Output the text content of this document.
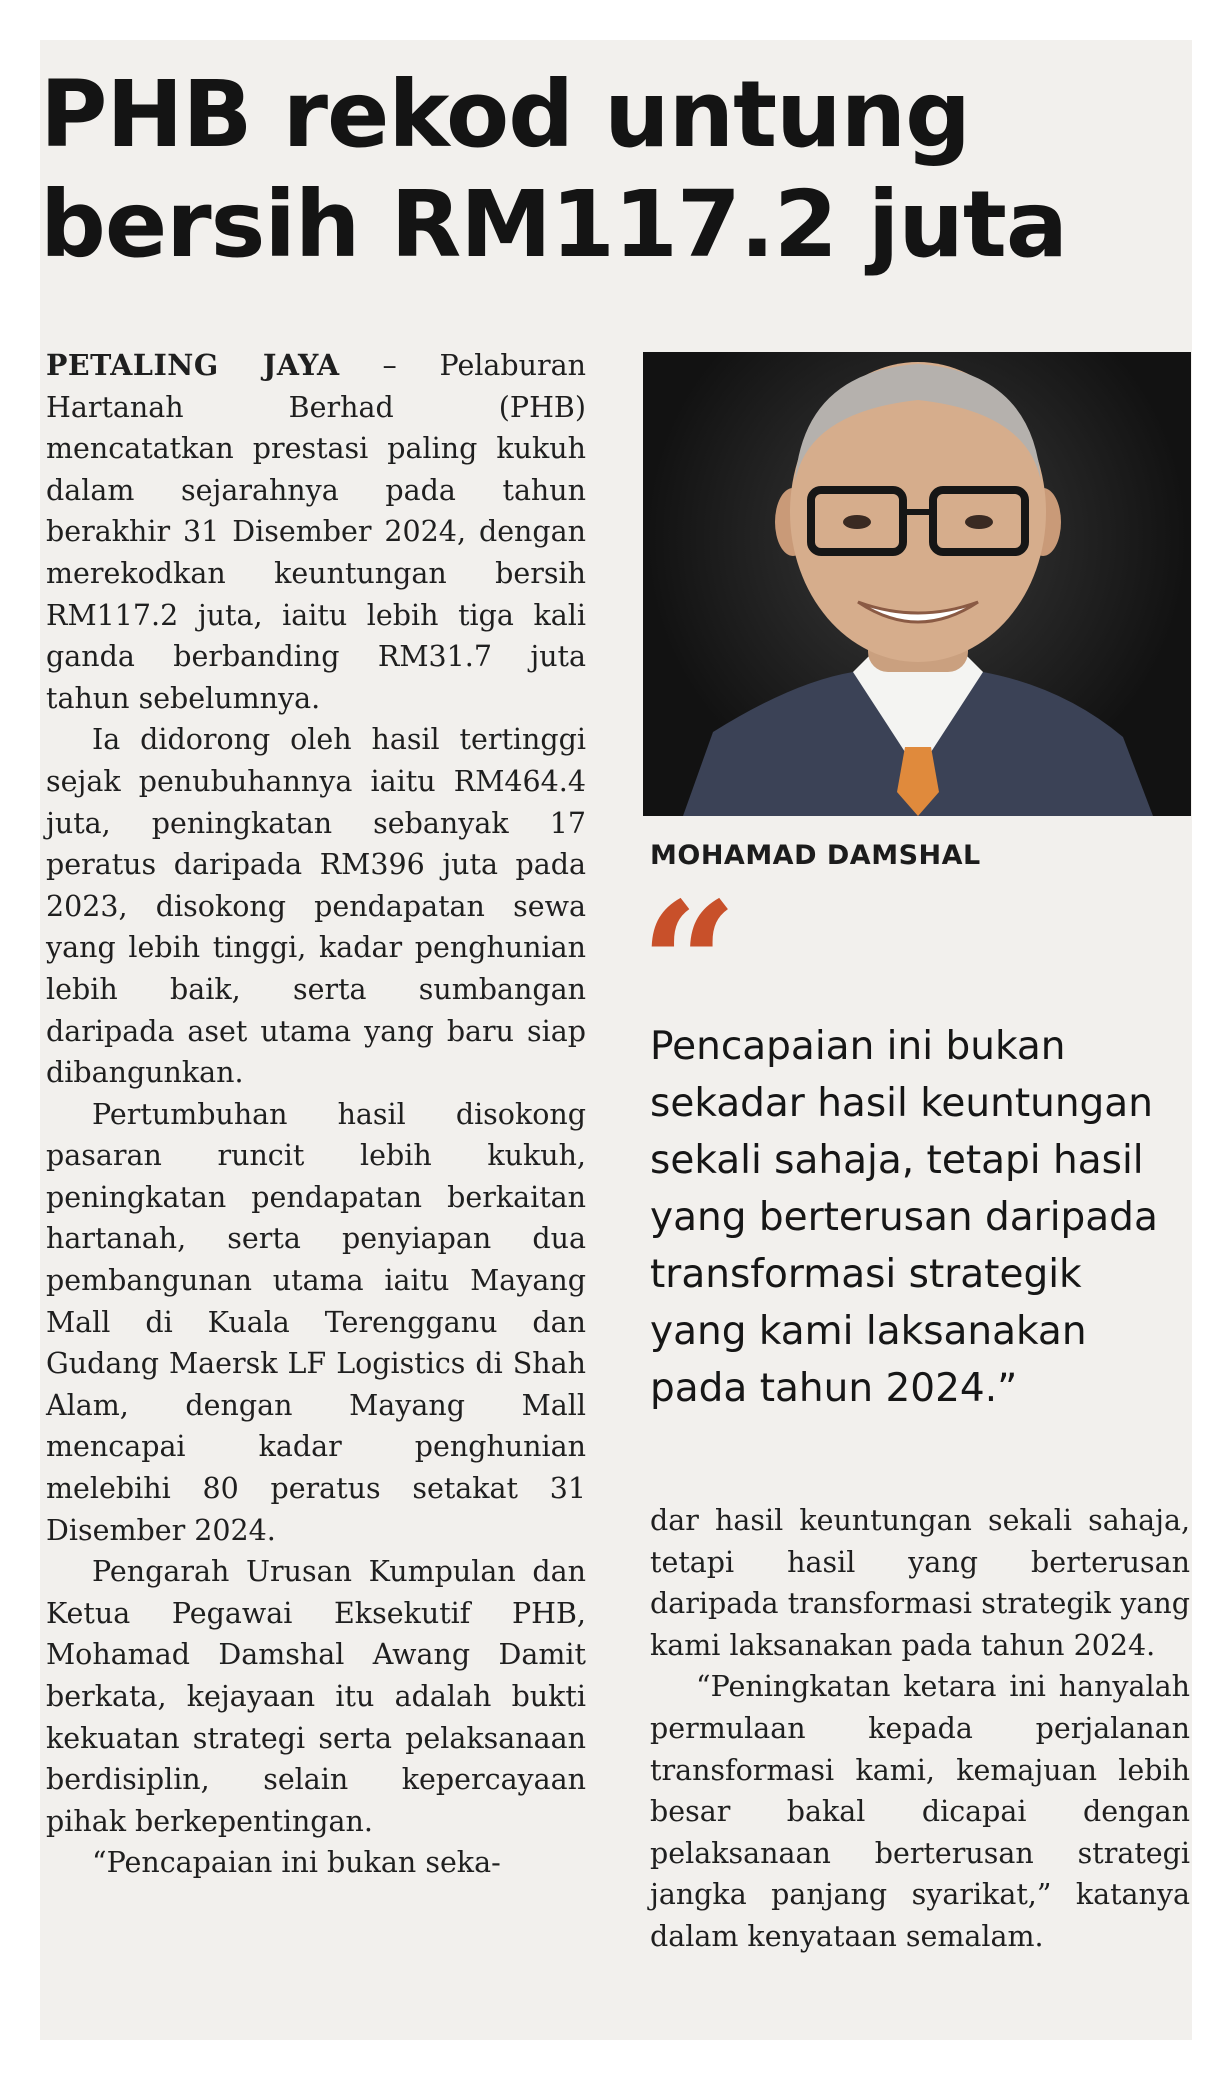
PHB rekod untung bersih RM117.2 juta

PETALING JAYA – Pelaburan Hartanah Berhad (PHB) mencatatkan prestasi paling kukuh dalam sejarahnya pada tahun berakhir 31 Disember 2024, dengan merekodkan keuntungan bersih RM117.2 juta, iaitu lebih tiga kali ganda berbanding RM31.7 juta tahun sebelumnya.

Ia didorong oleh hasil tertinggi sejak penubuhannya iaitu RM464.4 juta, peningkatan sebanyak 17 peratus daripada RM396 juta pada 2023, disokong pendapatan sewa yang lebih tinggi, kadar penghunian lebih baik, serta sumbangan daripada aset utama yang baru siap dibangunkan.

Pertumbuhan hasil disokong pasaran runcit lebih kukuh, peningkatan pendapatan berkaitan hartanah, serta penyiapan dua pembangunan utama iaitu Mayang Mall di Kuala Terengganu dan Gudang Maersk LF Logistics di Shah Alam, dengan Mayang Mall mencapai kadar penghunian melebihi 80 peratus setakat 31 Disember 2024.

Pengarah Urusan Kumpulan dan Ketua Pegawai Eksekutif PHB, Mohamad Damshal Awang Damit berkata, kejayaan itu adalah bukti kekuatan strategi serta pelaksanaan berdisiplin, selain kepercayaan pihak berkepentingan.

“Pencapaian ini bukan seka-

MOHAMAD DAMSHAL

“

Pencapaian ini bukan sekadar hasil keuntungan sekali sahaja, tetapi hasil yang berterusan daripada transformasi strategik yang kami laksanakan pada tahun 2024.”

dar hasil keuntungan sekali sahaja, tetapi hasil yang berterusan daripada transformasi strategik yang kami laksanakan pada tahun 2024.

“Peningkatan ketara ini hanyalah permulaan kepada perjalanan transformasi kami, kemajuan lebih besar bakal dicapai dengan pelaksanaan berterusan strategi jangka panjang syarikat,” katanya dalam kenyataan semalam.
